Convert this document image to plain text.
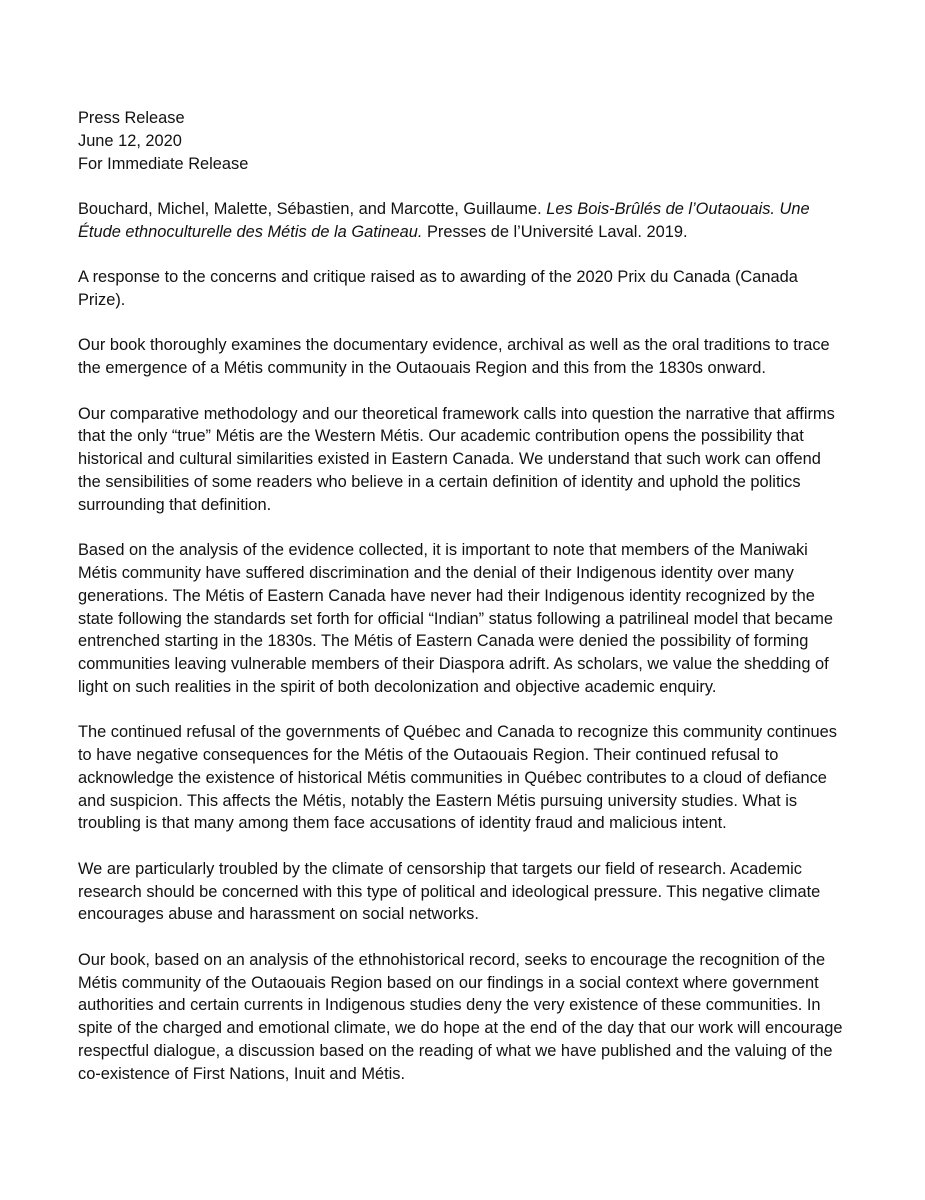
Press Release

June 12, 2020

For Immediate Release

Bouchard, Michel, Malette, Sébastien, and Marcotte, Guillaume. Les Bois-Brûlés de l’Outaouais. Une Étude ethnoculturelle des Métis de la Gatineau. Presses de l’Université Laval. 2019.

A response to the concerns and critique raised as to awarding of the 2020 Prix du Canada (Canada Prize).

Our book thoroughly examines the documentary evidence, archival as well as the oral traditions to trace the emergence of a Métis community in the Outaouais Region and this from the 1830s onward.

Our comparative methodology and our theoretical framework calls into question the narrative that affirms that the only “true” Métis are the Western Métis. Our academic contribution opens the possibility that historical and cultural similarities existed in Eastern Canada. We understand that such work can offend the sensibilities of some readers who believe in a certain definition of identity and uphold the politics surrounding that definition.

Based on the analysis of the evidence collected, it is important to note that members of the Maniwaki Métis community have suffered discrimination and the denial of their Indigenous identity over many generations. The Métis of Eastern Canada have never had their Indigenous identity recognized by the state following the standards set forth for official “Indian” status following a patrilineal model that became entrenched starting in the 1830s. The Métis of Eastern Canada were denied the possibility of forming communities leaving vulnerable members of their Diaspora adrift. As scholars, we value the shedding of light on such realities in the spirit of both decolonization and objective academic enquiry.

The continued refusal of the governments of Québec and Canada to recognize this community continues to have negative consequences for the Métis of the Outaouais Region. Their continued refusal to acknowledge the existence of historical Métis communities in Québec contributes to a cloud of defiance and suspicion. This affects the Métis, notably the Eastern Métis pursuing university studies. What is troubling is that many among them face accusations of identity fraud and malicious intent.

We are particularly troubled by the climate of censorship that targets our field of research. Academic research should be concerned with this type of political and ideological pressure. This negative climate encourages abuse and harassment on social networks.

Our book, based on an analysis of the ethnohistorical record, seeks to encourage the recognition of the Métis community of the Outaouais Region based on our findings in a social context where government authorities and certain currents in Indigenous studies deny the very existence of these communities. In spite of the charged and emotional climate, we do hope at the end of the day that our work will encourage respectful dialogue, a discussion based on the reading of what we have published and the valuing of the co-existence of First Nations, Inuit and Métis.
